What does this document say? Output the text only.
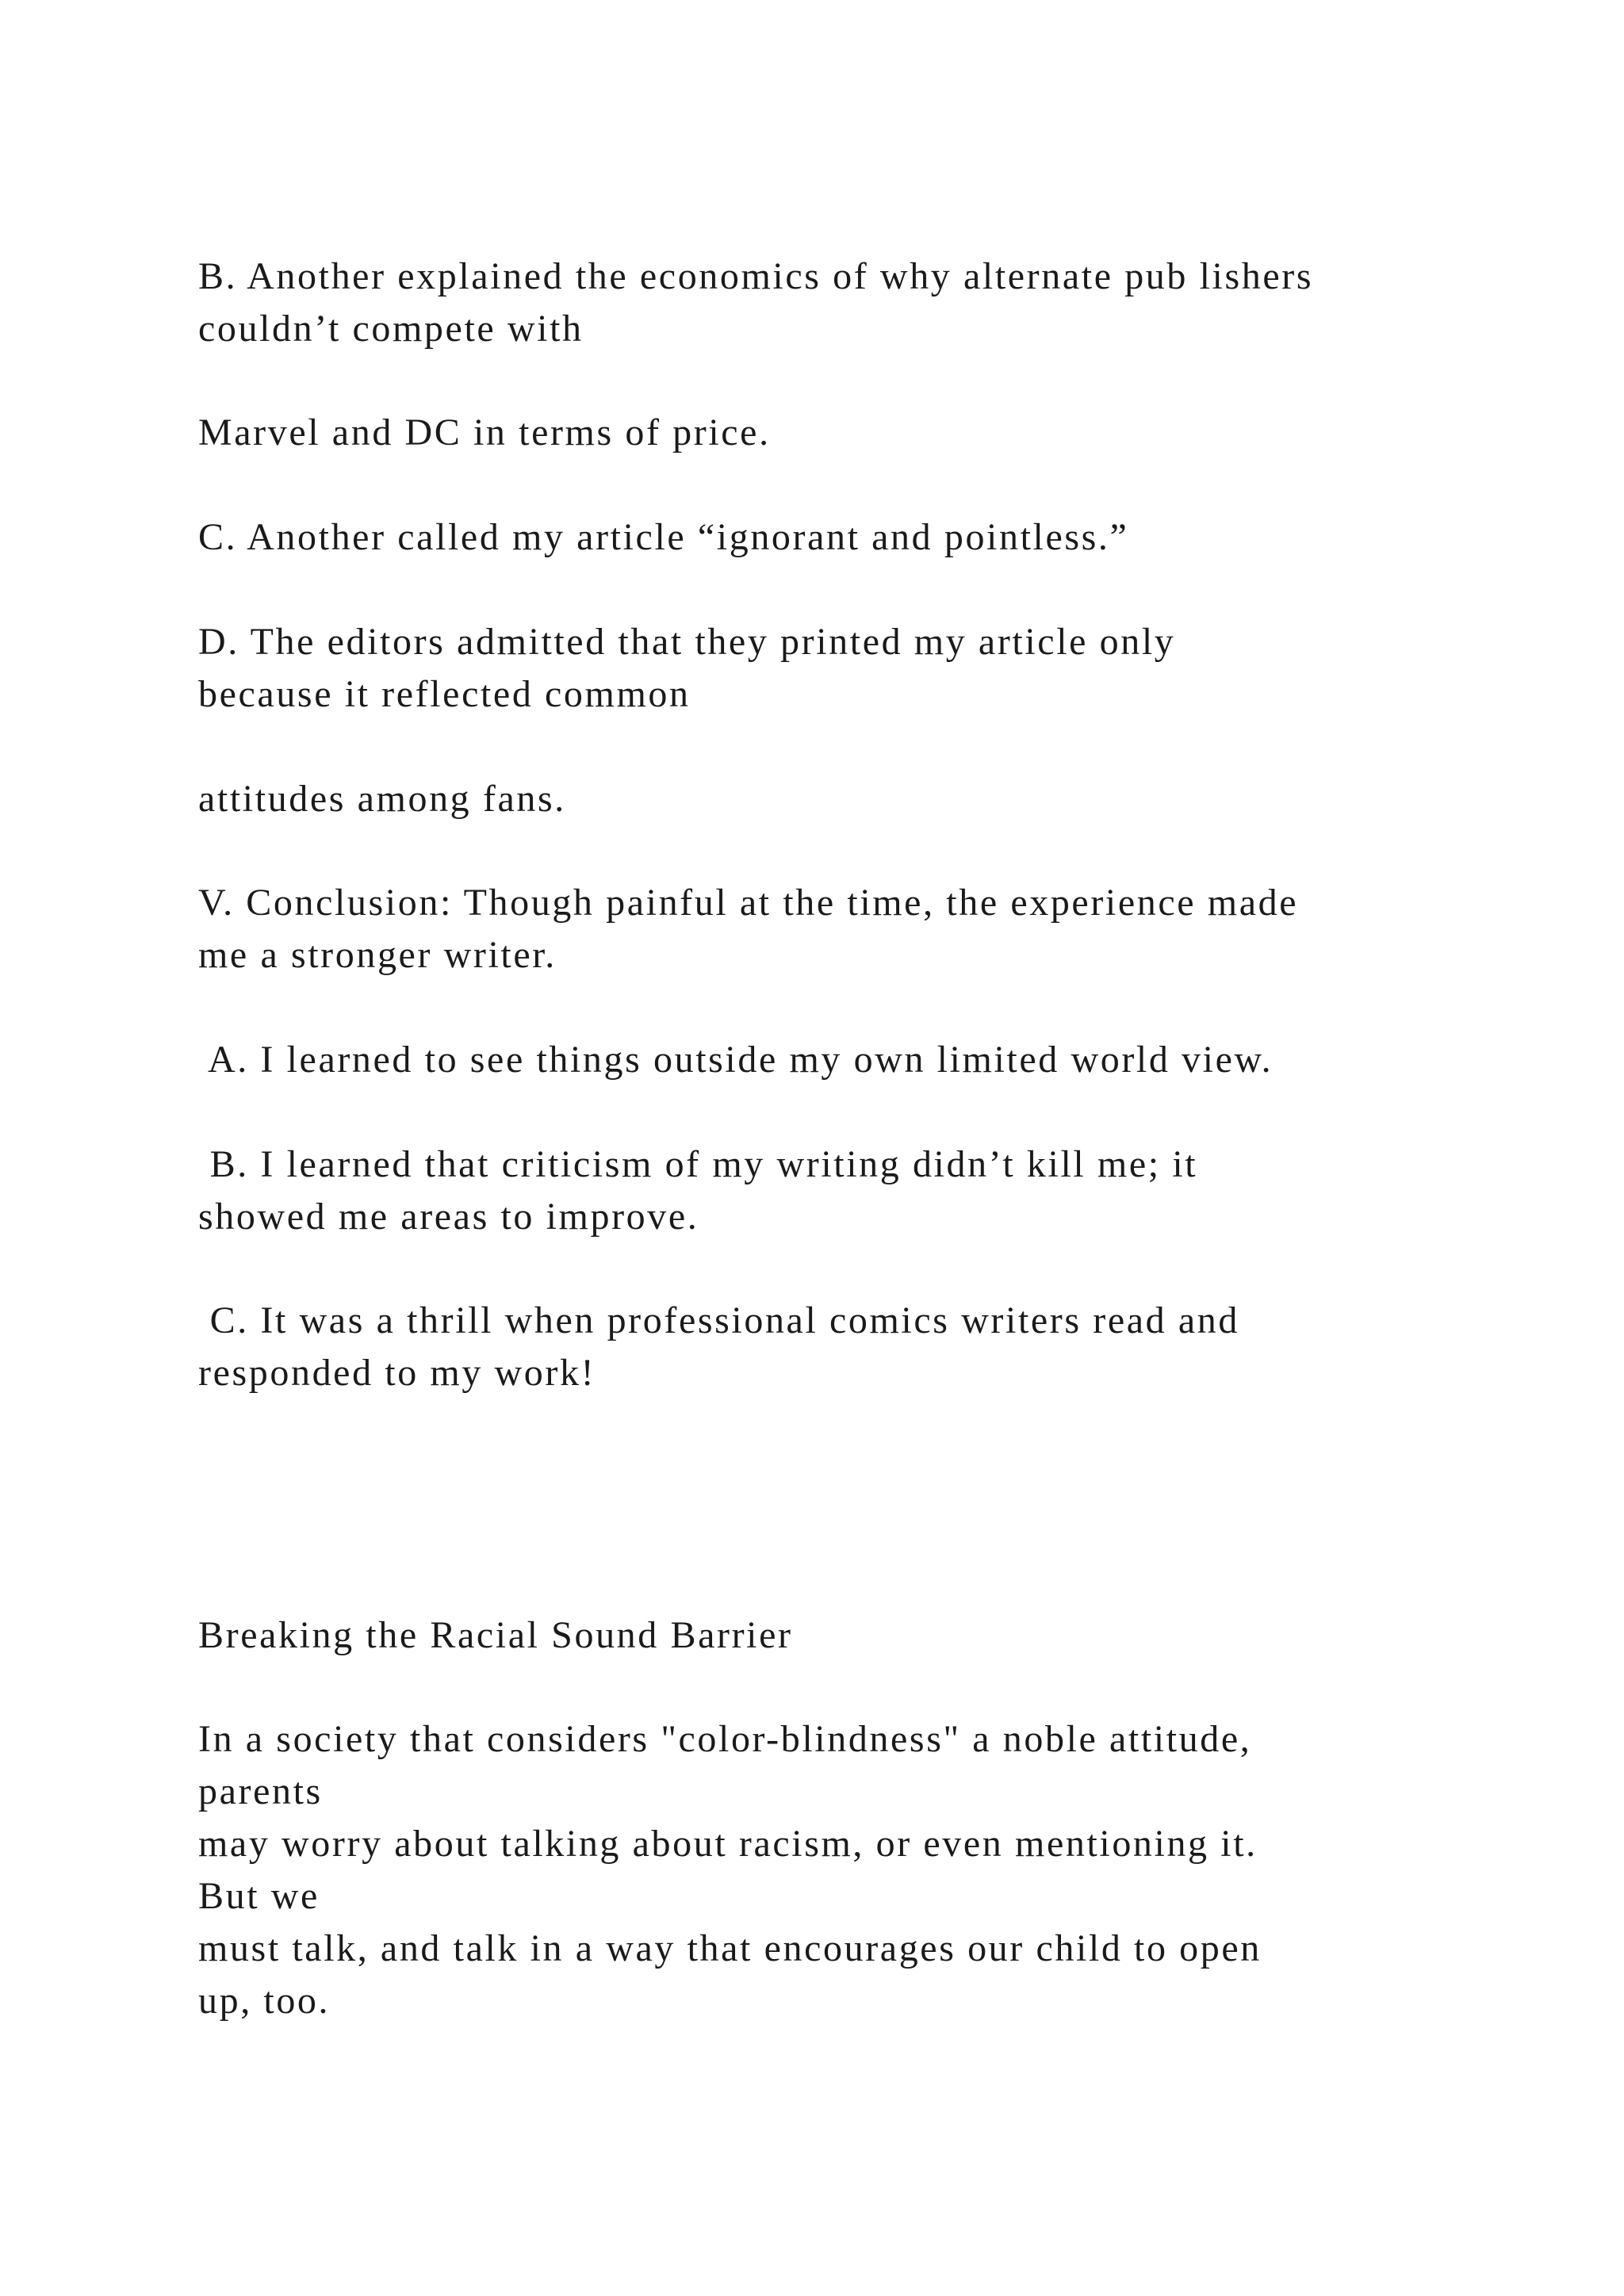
B. Another explained the economics of why alternate pub lishers

couldn’t compete with

Marvel and DC in terms of price.

C. Another called my article “ignorant and pointless.”

D. The editors admitted that they printed my article only

because it reflected common

attitudes among fans.

V. Conclusion: Though painful at the time, the experience made

me a stronger writer.

A. I learned to see things outside my own limited world view.

B. I learned that criticism of my writing didn’t kill me; it

showed me areas to improve.

C. It was a thrill when professional comics writers read and

responded to my work!

Breaking the Racial Sound Barrier

In a society that considers "color-blindness" a noble attitude,

parents

may worry about talking about racism, or even mentioning it.

But we

must talk, and talk in a way that encourages our child to open

up, too.
